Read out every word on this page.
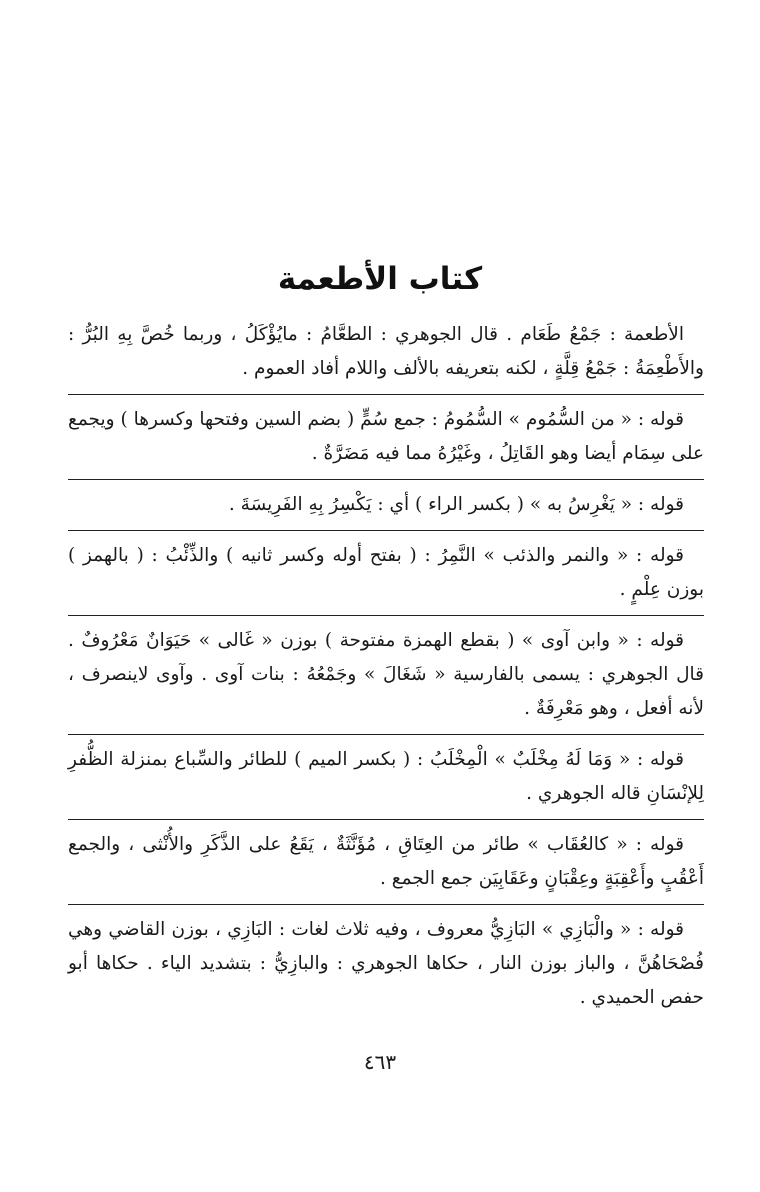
كتاب الأطعمة

الأطعمة : جَمْعُ طَعَام . قال الجوهري : الطعَّامُ : مايُؤْكَلُ ، وربما خُصَّ بِهِ البُرُّ : والأَطْعِمَةُ : جَمْعُ قِلَّةٍ ، لكنه بتعريفه بالألف واللام أفاد العموم .

قوله : « من السُّمُوم » السُّمُومُ : جمع سُمٍّ ( بضم السين وفتحها وكسرها ) ويجمع على سِمَام أيضا وهو القَاتِلُ ، وغَيْرُهُ مما فيه مَضَرَّةٌ .

قوله : « يَغْرِسُ به » ( بكسر الراء ) أي : يَكْسِرُ بِهِ الفَرِيسَةَ .

قوله : « والنمر والذئب » النَّمِرُ : ( بفتح أوله وكسر ثانيه ) والذِّئْبُ : ( بالهمز ) بوزن عِلْمٍ .

قوله : « وابن آوى » ( بقطع الهمزة مفتوحة ) بوزن « غَالى » حَيَوَانٌ مَعْرُوفٌ . قال الجوهري : يسمى بالفارسية « شَغَالَ » وجَمْعُهُ : بنات آوى . وآوى لاينصرف ، لأنه أفعل ، وهو مَعْرِفَةٌ .

قوله : « وَمَا لَهُ مِخْلَبٌ » الْمِخْلَبُ : ( بكسر الميم ) للطائر والسِّباع بمنزلة الظُّفرِ لِلإنْسَانِ قاله الجوهري .

قوله : « كالعُقَاب » طائر من العِتَاقِ ، مُؤَنَّثَةٌ ، يَقَعُ على الذَّكَرِ والأُنْثى ، والجمع أَعْقُبٍ وأَعْقِبَةٍ وعِقْبَانٍ وعَقَابِيَن جمع الجمع .

قوله : « والْبَازِي » البَازِيُّ معروف ، وفيه ثلاث لغات : البَازِي ، بوزن القاضي وهي فُصْحَاهُنَّ ، والباز بوزن النار ، حكاها الجوهري : والبازِيُّ : بتشديد الياء . حكاها أبو حفص الحميدي .

٤٦٣
